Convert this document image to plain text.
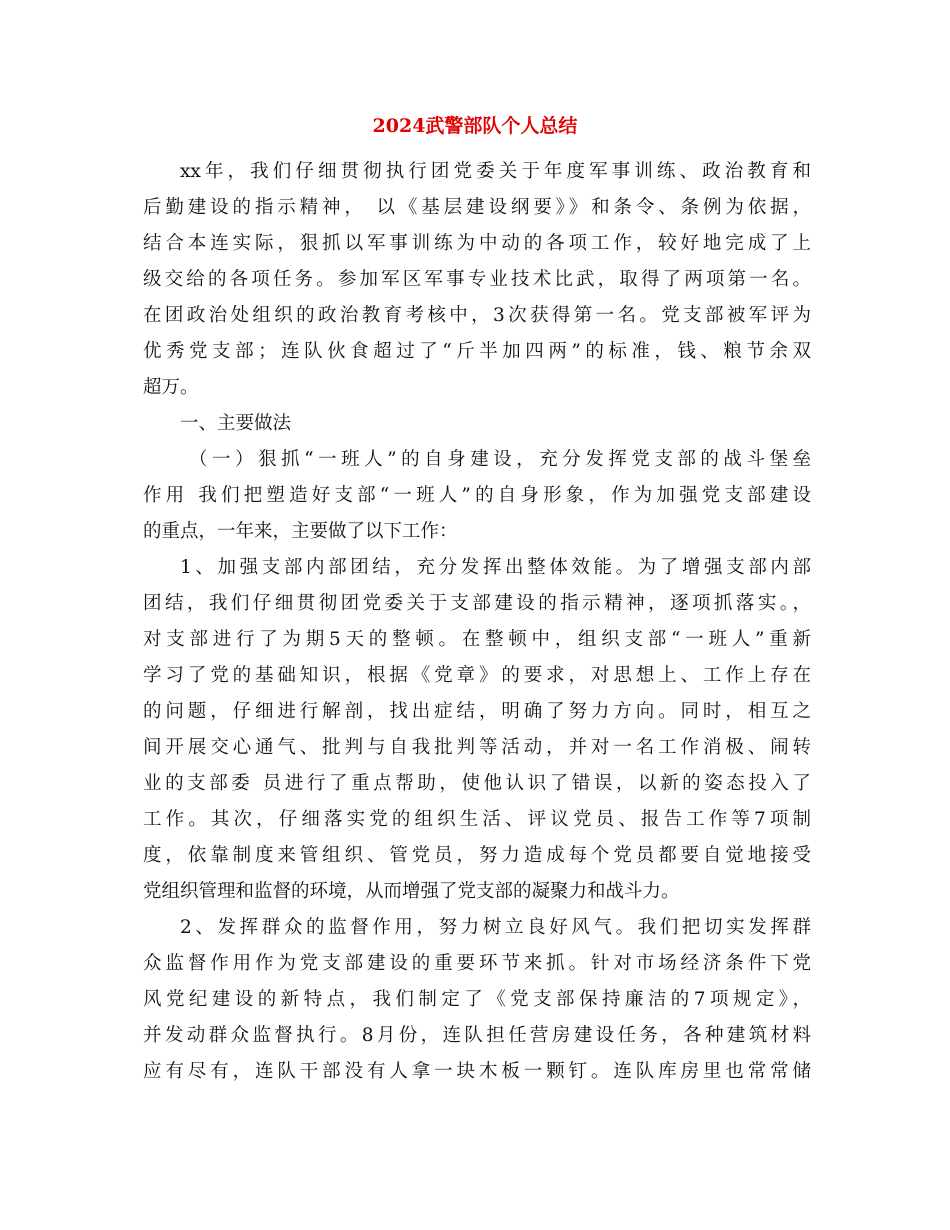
2024武警部队个人总结
xx年，我们仔细贯彻执行团党委关于年度军事训练、政治教育和
后勤建设的指示精神， 以《基层建设纲要》》和条令、条例为依据，
结合本连实际，狠抓以军事训练为中动的各项工作，较好地完成了上
级交给的各项任务。参加军区军事专业技术比武，取得了两项第一名。
在团政治处组织的政治教育考核中，3次获得第一名。党支部被军评为
优秀党支部；连队伙食超过了“斤半加四两”的标准，钱、粮节余双
超万。
一、主要做法
（一）狠抓“一班人”的自身建设，充分发挥党支部的战斗堡垒
作用 我们把塑造好支部“一班人”的自身形象，作为加强党支部建设
的重点，一年来，主要做了以下工作：
1、加强支部内部团结，充分发挥出整体效能。为了增强支部内部
团结，我们仔细贯彻团党委关于支部建设的指示精神，逐项抓落实。，
对支部进行了为期5天的整顿。在整顿中，组织支部“一班人”重新
学习了党的基础知识，根据《党章》的要求，对思想上、工作上存在
的问题，仔细进行解剖，找出症结，明确了努力方向。同时，相互之
间开展交心通气、批判与自我批判等活动，并对一名工作消极、闹转
业的支部委 员进行了重点帮助，使他认识了错误，以新的姿态投入了
工作。其次，仔细落实党的组织生活、评议党员、报告工作等7项制
度，依靠制度来管组织、管党员，努力造成每个党员都要自觉地接受
党组织管理和监督的环境，从而增强了党支部的凝聚力和战斗力。
2、发挥群众的监督作用，努力树立良好风气。我们把切实发挥群
众监督作用作为党支部建设的重要环节来抓。针对市场经济条件下党
风党纪建设的新特点，我们制定了《党支部保持廉洁的7项规定》，
并发动群众监督执行。8月份，连队担任营房建设任务，各种建筑材料
应有尽有，连队干部没有人拿一块木板一颗钉。连队库房里也常常储
